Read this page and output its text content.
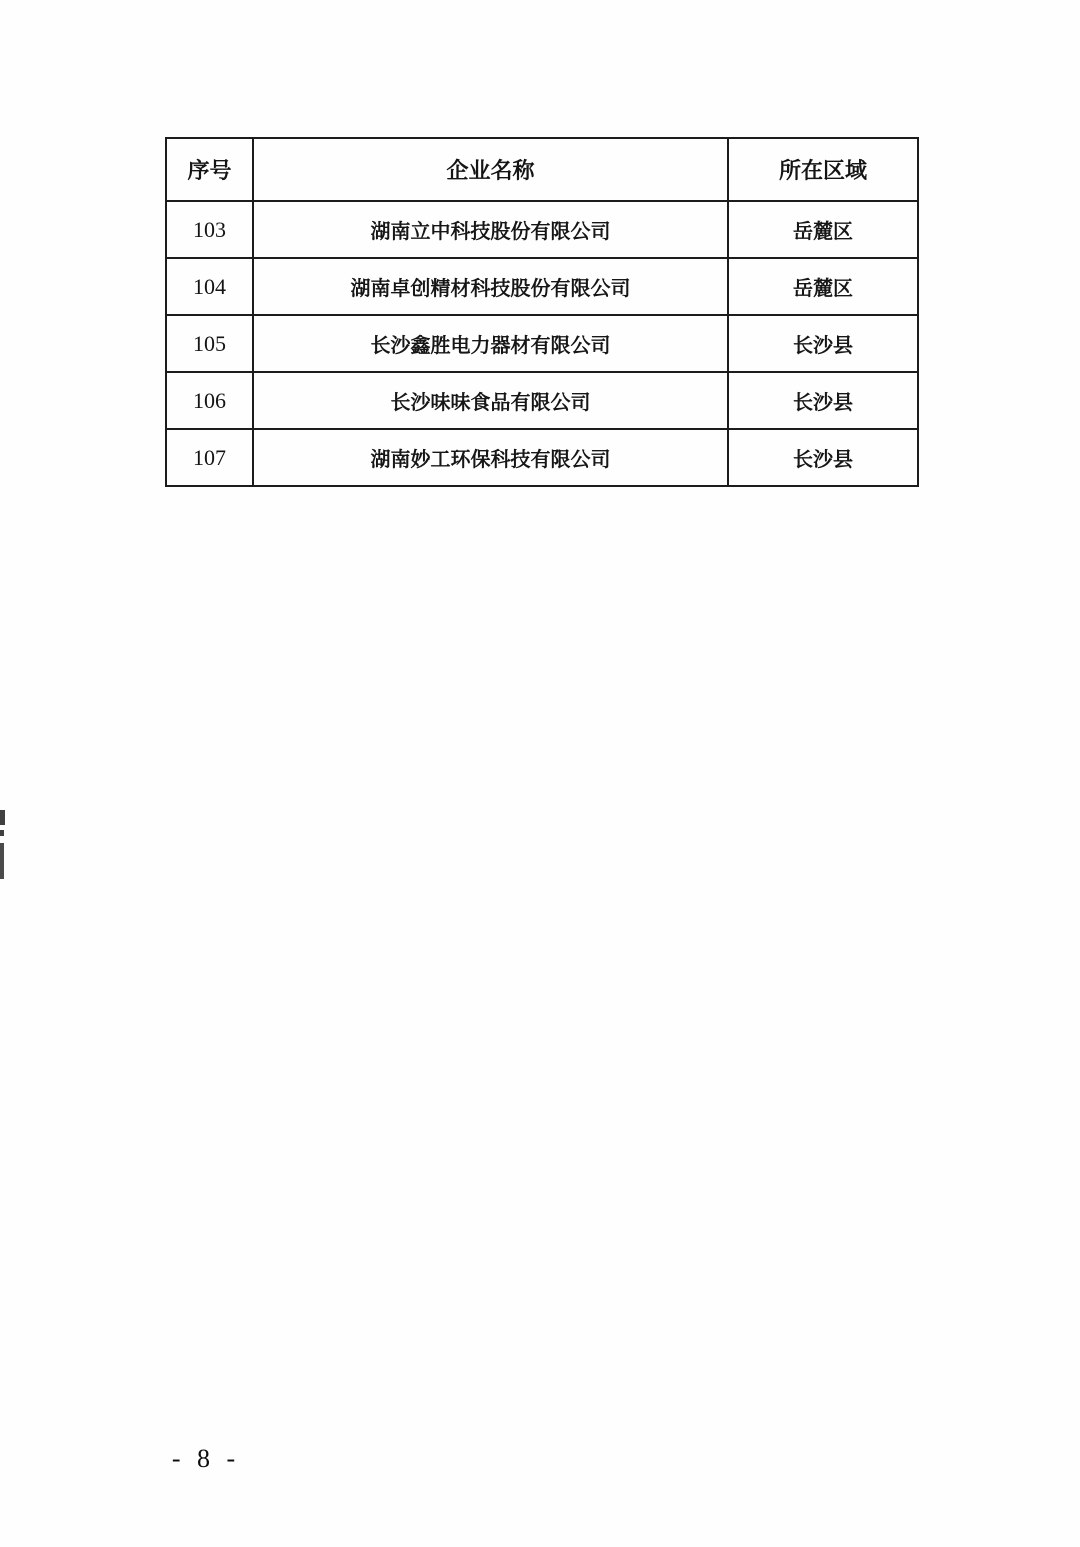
序号	企业名称	所在区域
103	湖南立中科技股份有限公司	岳麓区
104	湖南卓创精材科技股份有限公司	岳麓区
105	长沙鑫胜电力器材有限公司	长沙县
106	长沙味味食品有限公司	长沙县
107	湖南妙工环保科技有限公司	长沙县
- 8 -
